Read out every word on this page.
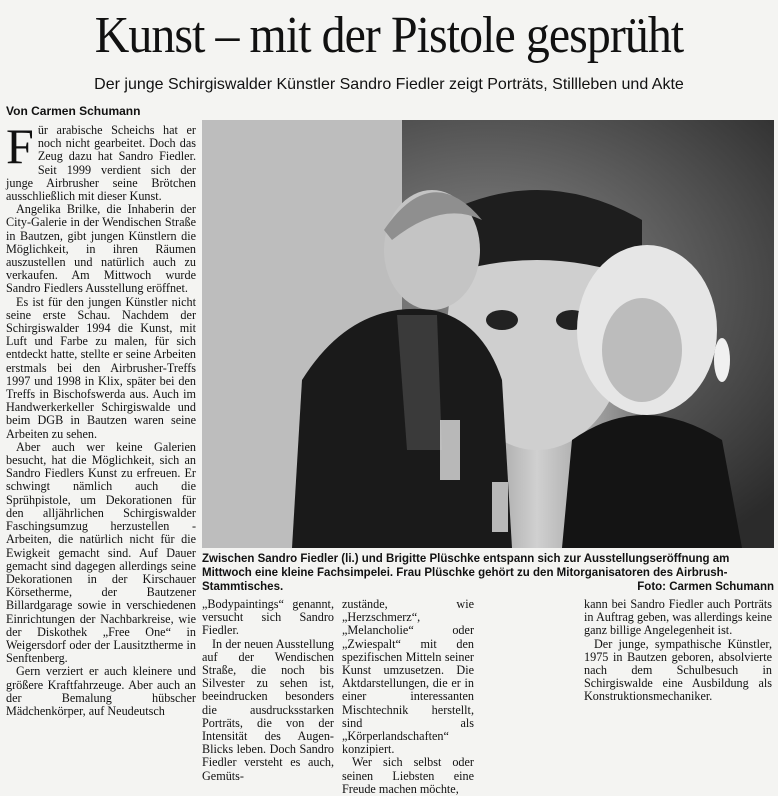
Kunst – mit der Pistole gesprüht
Der junge Schirgiswalder Künstler Sandro Fiedler zeigt Porträts, Stillleben und Akte
Von Carmen Schumann

Für arabische Scheichs hat er noch nicht gearbeitet. Doch das Zeug dazu hat Sandro Fiedler. Seit 1999 verdient sich der junge Airbrusher seine Brötchen ausschließlich mit dieser Kunst.

Angelika Brilke, die Inhaberin der City-Galerie in der Wendischen Straße in Bautzen, gibt jungen Künstlern die Möglichkeit, in ihren Räumen auszustellen und natürlich auch zu verkaufen. Am Mittwoch wurde Sandro Fiedlers Ausstellung eröffnet.

Es ist für den jungen Künstler nicht seine erste Schau. Nachdem der Schirgiswalder 1994 die Kunst, mit Luft und Farbe zu malen, für sich entdeckt hatte, stellte er seine Arbeiten erstmals bei den Airbrusher-Treffs 1997 und 1998 in Klix, später bei den Treffs in Bischofswerda aus. Auch im Handwerkerkeller Schirgiswalde und beim DGB in Bautzen waren seine Arbeiten zu sehen.

Aber auch wer keine Galerien besucht, hat die Möglichkeit, sich an Sandro Fiedlers Kunst zu erfreuen. Er schwingt nämlich auch die Sprühpistole, um Dekorationen für den alljährlichen Schirgiswalder Faschingsumzug herzustellen - Arbeiten, die natürlich nicht für die Ewigkeit gemacht sind. Auf Dauer gemacht sind dagegen allerdings seine Dekorationen in der Kirschauer Körsetherme, der Bautzener Billardgarage sowie in verschiedenen Einrichtungen der Nachbarkreise, wie der Diskothek „Free One“ in Weigersdorf oder der Lausitztherme in Senftenberg.

Gern verziert er auch kleinere und größere Kraftfahrzeuge. Aber auch an der Bemalung hübscher Mädchenkörper, auf Neudeutsch

Zwischen Sandro Fiedler (li.) und Brigitte Plüschke entspann sich zur Ausstellungseröffnung am Mittwoch eine kleine Fachsimpelei. Frau Plüschke gehört zu den Mitorganisatoren des Airbrush-Stammtisches.	Foto: Carmen Schumann

„Bodypaintings“ genannt, versucht sich Sandro Fiedler.

In der neuen Ausstellung auf der Wendischen Straße, die noch bis Silvester zu sehen ist, beeindrucken besonders die ausdrucksstarken Porträts, die von der Intensität des Augen-Blicks leben. Doch Sandro Fiedler versteht es auch, Gemüts-

zustände, wie „Herzschmerz“, „Melancholie“ oder „Zwiespalt“ mit den spezifischen Mitteln seiner Kunst umzusetzen. Die Aktdarstellungen, die er in einer interessanten Mischtechnik herstellt, sind als „Körperlandschaften“ konzipiert.

Wer sich selbst oder seinen Liebsten eine Freude machen möchte,

kann bei Sandro Fiedler auch Porträts in Auftrag geben, was allerdings keine ganz billige Angelegenheit ist.

Der junge, sympathische Künstler, 1975 in Bautzen geboren, absolvierte nach dem Schulbesuch in Schirgiswalde eine Ausbildung als Konstruktionsmechaniker.
